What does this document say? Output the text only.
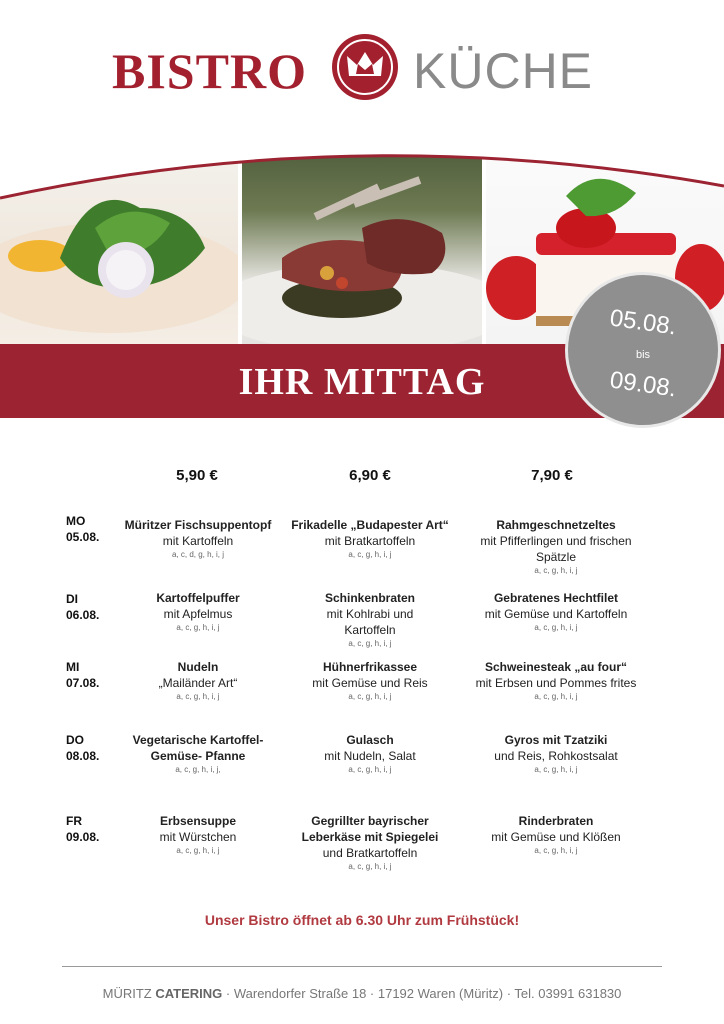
BISTRO KÜCHE
IHR MITTAG
05.08.
bis
09.08.
5,90 €	6,90 €	7,90 €
MO
05.08.
Müritzer Fischsuppentopf
mit Kartoffeln
a, c, d, g, h, i, j
Frikadelle „Budapester Art“
mit Bratkartoffeln
a, c, g, h, i, j
Rahmgeschnetzeltes
mit Pfifferlingen und frischen Spätzle
a, c, g, h, i, j
DI
06.08.
Kartoffelpuffer
mit Apfelmus
a, c, g, h, i, j
Schinkenbraten
mit Kohlrabi und Kartoffeln
a, c, g, h, i, j
Gebratenes Hechtfilet
mit Gemüse und Kartoffeln
a, c, g, h, i, j
MI
07.08.
Nudeln
„Mailänder Art“
a, c, g, h, i, j
Hühnerfrikassee
mit Gemüse und Reis
a, c, g, h, i, j
Schweinesteak „au four“
mit Erbsen und Pommes frites
a, c, g, h, i, j
DO
08.08.
Vegetarische Kartoffel-Gemüse- Pfanne
a, c, g, h, i, j,
Gulasch
mit Nudeln, Salat
a, c, g, h, i, j
Gyros mit Tzatziki
und Reis, Rohkostsalat
a, c, g, h, i, j
FR
09.08.
Erbsensuppe
mit Würstchen
a, c, g, h, i, j
Gegrillter bayrischer Leberkäse mit Spiegelei
und Bratkartoffeln
a, c, g, h, i, j
Rinderbraten
mit Gemüse und Klößen
a, c, g, h, i, j
Unser Bistro öffnet ab 6.30 Uhr zum Frühstück!
MÜRITZ CATERING · Warendorfer Straße 18 · 17192 Waren (Müritz) · Tel. 03991 631830
